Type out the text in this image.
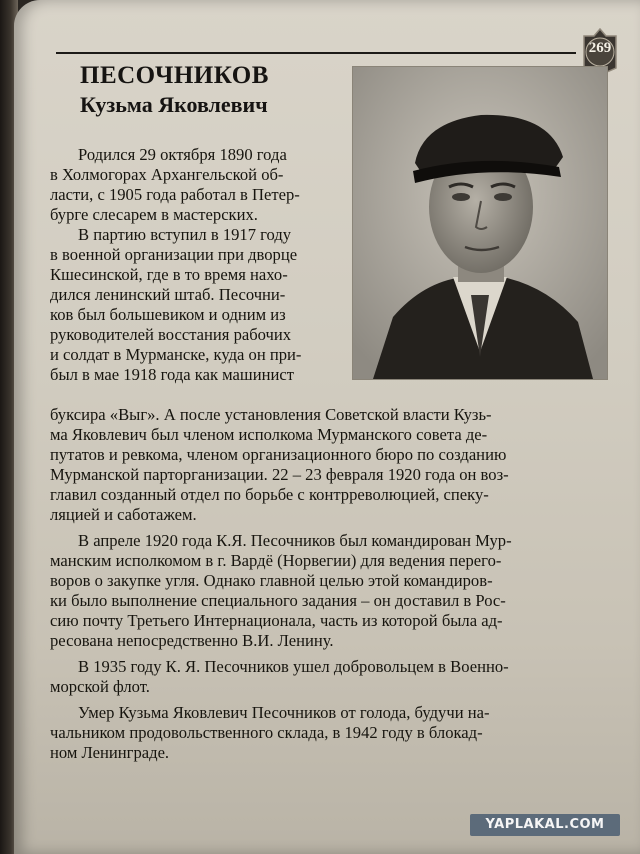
269
ПЕСОЧНИКОВ
Кузьма Яковлевич
Родился 29 октября 1890 года
в Холмогорах Архангельской об-
ласти, с 1905 года работал в Петер-
бурге слесарем в мастерских.
В партию вступил в 1917 году
в военной организации при дворце
Кшесинской, где в то время нахо-
дился ленинский штаб. Песочни-
ков был большевиком и одним из
руководителей восстания рабочих
и солдат в Мурманске, куда он при-
был в мае 1918 года как машинист
буксира «Выг». А после установления Советской власти Кузь-
ма Яковлевич был членом исполкома Мурманского совета де-
путатов и ревкома, членом организационного бюро по созданию
Мурманской парторганизации. 22 – 23 февраля 1920 года он воз-
главил созданный отдел по борьбе с контрреволюцией, спеку-
ляцией и саботажем.
В апреле 1920 года К.Я. Песочников был командирован Мур-
манским исполкомом в г. Вардё (Норвегии) для ведения перего-
воров о закупке угля. Однако главной целью этой командиров-
ки было выполнение специального задания – он доставил в Рос-
сию почту Третьего Интернационала, часть из которой была ад-
ресована непосредственно В.И. Ленину.
В 1935 году К. Я. Песочников ушел добровольцем в Военно-
морской флот.
Умер Кузьма Яковлевич Песочников от голода, будучи на-
чальником продовольственного склада, в 1942 году в блокад-
ном Ленинграде.
YAPLAKAL.COM
